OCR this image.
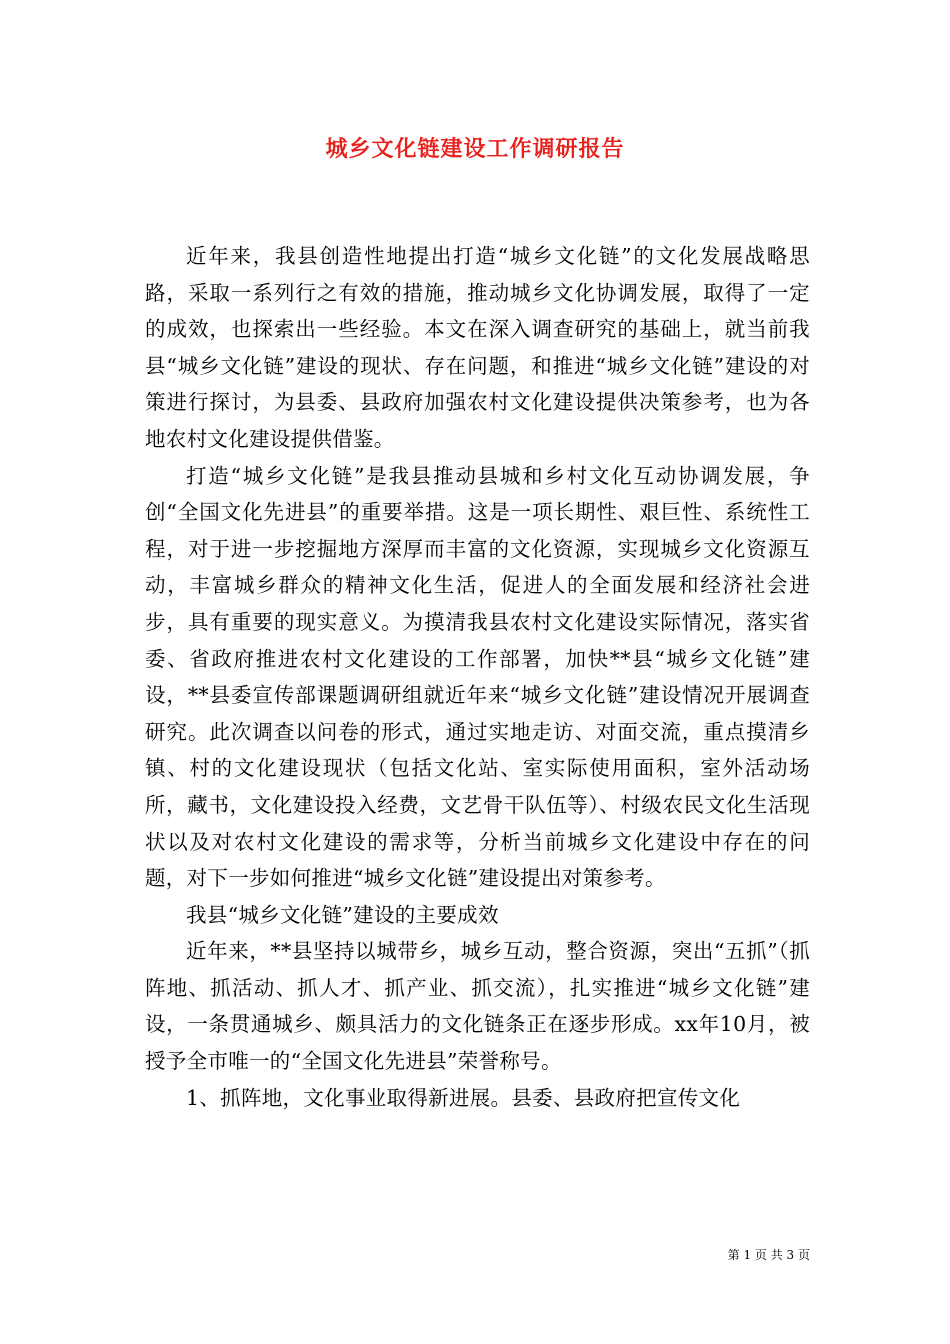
城乡文化链建设工作调研报告

近年来，我县创造性地提出打造“城乡文化链”的文化发展战略思路，采取一系列行之有效的措施，推动城乡文化协调发展，取得了一定的成效，也探索出一些经验。本文在深入调查研究的基础上，就当前我县“城乡文化链”建设的现状、存在问题，和推进“城乡文化链”建设的对策进行探讨，为县委、县政府加强农村文化建设提供决策参考，也为各地农村文化建设提供借鉴。

打造“城乡文化链”是我县推动县城和乡村文化互动协调发展，争创“全国文化先进县”的重要举措。这是一项长期性、艰巨性、系统性工程，对于进一步挖掘地方深厚而丰富的文化资源，实现城乡文化资源互动，丰富城乡群众的精神文化生活，促进人的全面发展和经济社会进步，具有重要的现实意义。为摸清我县农村文化建设实际情况，落实省委、省政府推进农村文化建设的工作部署，加快**县“城乡文化链”建设，**县委宣传部课题调研组就近年来“城乡文化链”建设情况开展调查研究。此次调查以问卷的形式，通过实地走访、对面交流，重点摸清乡镇、村的文化建设现状（包括文化站、室实际使用面积，室外活动场所，藏书，文化建设投入经费，文艺骨干队伍等）、村级农民文化生活现状以及对农村文化建设的需求等，分析当前城乡文化建设中存在的问题，对下一步如何推进“城乡文化链”建设提出对策参考。

我县“城乡文化链”建设的主要成效

近年来，**县坚持以城带乡，城乡互动，整合资源，突出“五抓”（抓阵地、抓活动、抓人才、抓产业、抓交流），扎实推进“城乡文化链”建设，一条贯通城乡、颇具活力的文化链条正在逐步形成。xx年10月，被授予全市唯一的“全国文化先进县”荣誉称号。

1、抓阵地，文化事业取得新进展。县委、县政府把宣传文化

第 1 页 共 3 页
